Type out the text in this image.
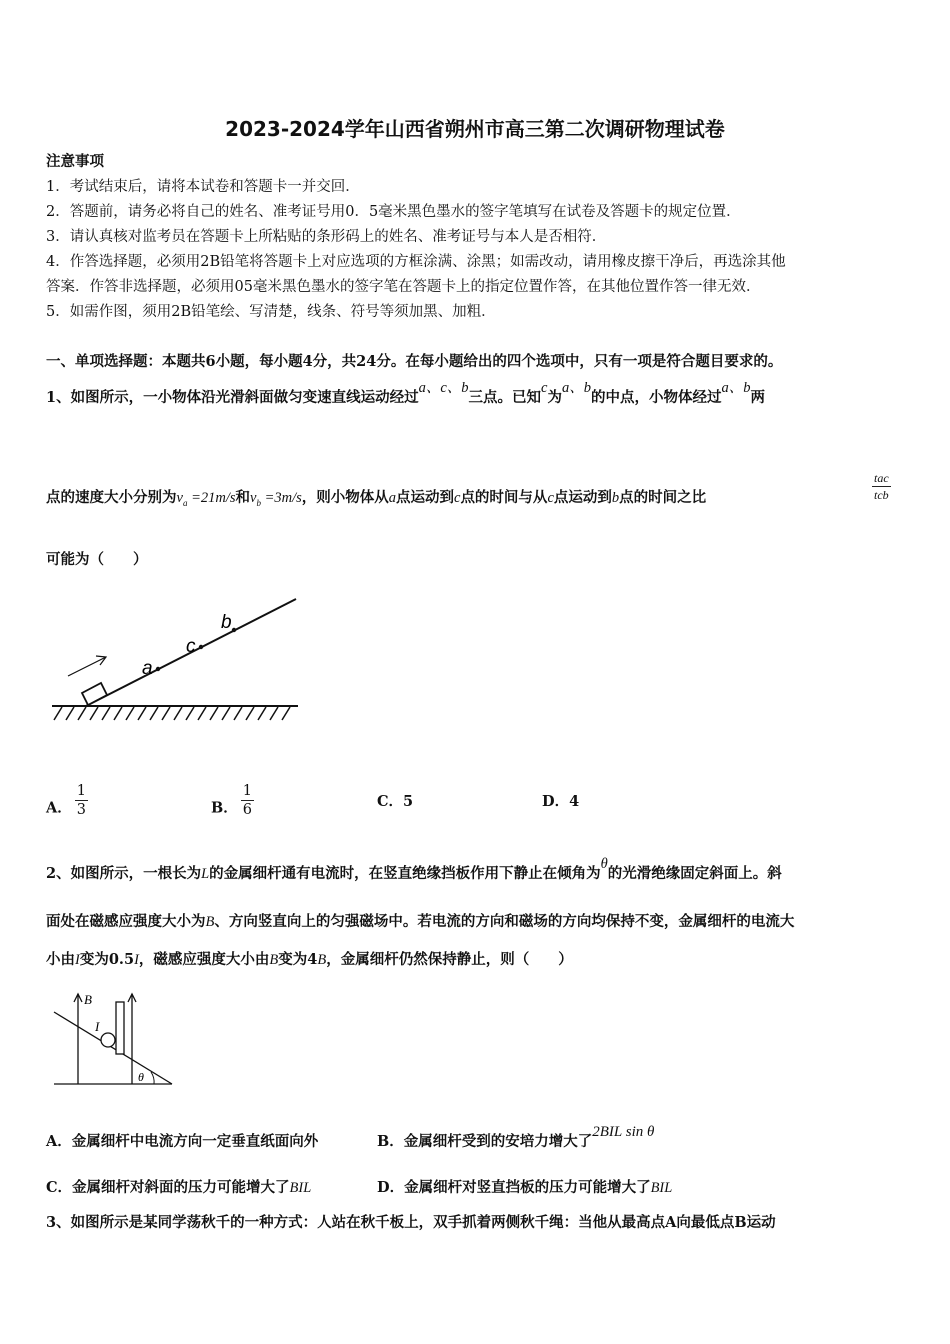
2023-2024学年山西省朔州市高三第二次调研物理试卷
注意事项
1．考试结束后，请将本试卷和答题卡一并交回．
2．答题前，请务必将自己的姓名、准考证号用0．5毫米黑色墨水的签字笔填写在试卷及答题卡的规定位置．
3．请认真核对监考员在答题卡上所粘贴的条形码上的姓名、准考证号与本人是否相符．
4．作答选择题，必须用2B铅笔将答题卡上对应选项的方框涂满、涂黑；如需改动，请用橡皮擦干净后，再选涂其他
答案．作答非选择题，必须用05毫米黑色墨水的签字笔在答题卡上的指定位置作答，在其他位置作答一律无效．
5．如需作图，须用2B铅笔绘、写清楚，线条、符号等须加黑、加粗．
一、单项选择题：本题共6小题，每小题4分，共24分。在每小题给出的四个选项中，只有一项是符合题目要求的。
1、如图所示，一小物体沿光滑斜面做匀变速直线运动经过a、c、b三点。已知c为a、b的中点，小物体经过a、b两
点的速度大小分别为$v_a =21m/s$和$v_b =3m/s$，则小物体从a点运动到c点的时间与从c点运动到b点的时间之比
tac
tcb
可能为（　　）
a
c
b
A． $\frac{1}{3}$	B． $\frac{1}{6}$	C．5	D．4
2、如图所示，一根长为L的金属细杆通有电流时，在竖直绝缘挡板作用下静止在倾角为θ的光滑绝缘固定斜面上。斜
面处在磁感应强度大小为B、方向竖直向上的匀强磁场中。若电流的方向和磁场的方向均保持不变，金属细杆的电流大
小由I变为0.5I，磁感应强度大小由B变为4B，金属细杆仍然保持静止，则（　　）
B
I
θ
A．金属细杆中电流方向一定垂直纸面向外	B．金属细杆受到的安培力增大了2BIL sin θ
C．金属细杆对斜面的压力可能增大了BIL	D．金属细杆对竖直挡板的压力可能增大了BIL
3、如图所示是某同学荡秋千的一种方式：人站在秋千板上，双手抓着两侧秋千绳：当他从最高点A向最低点B运动
